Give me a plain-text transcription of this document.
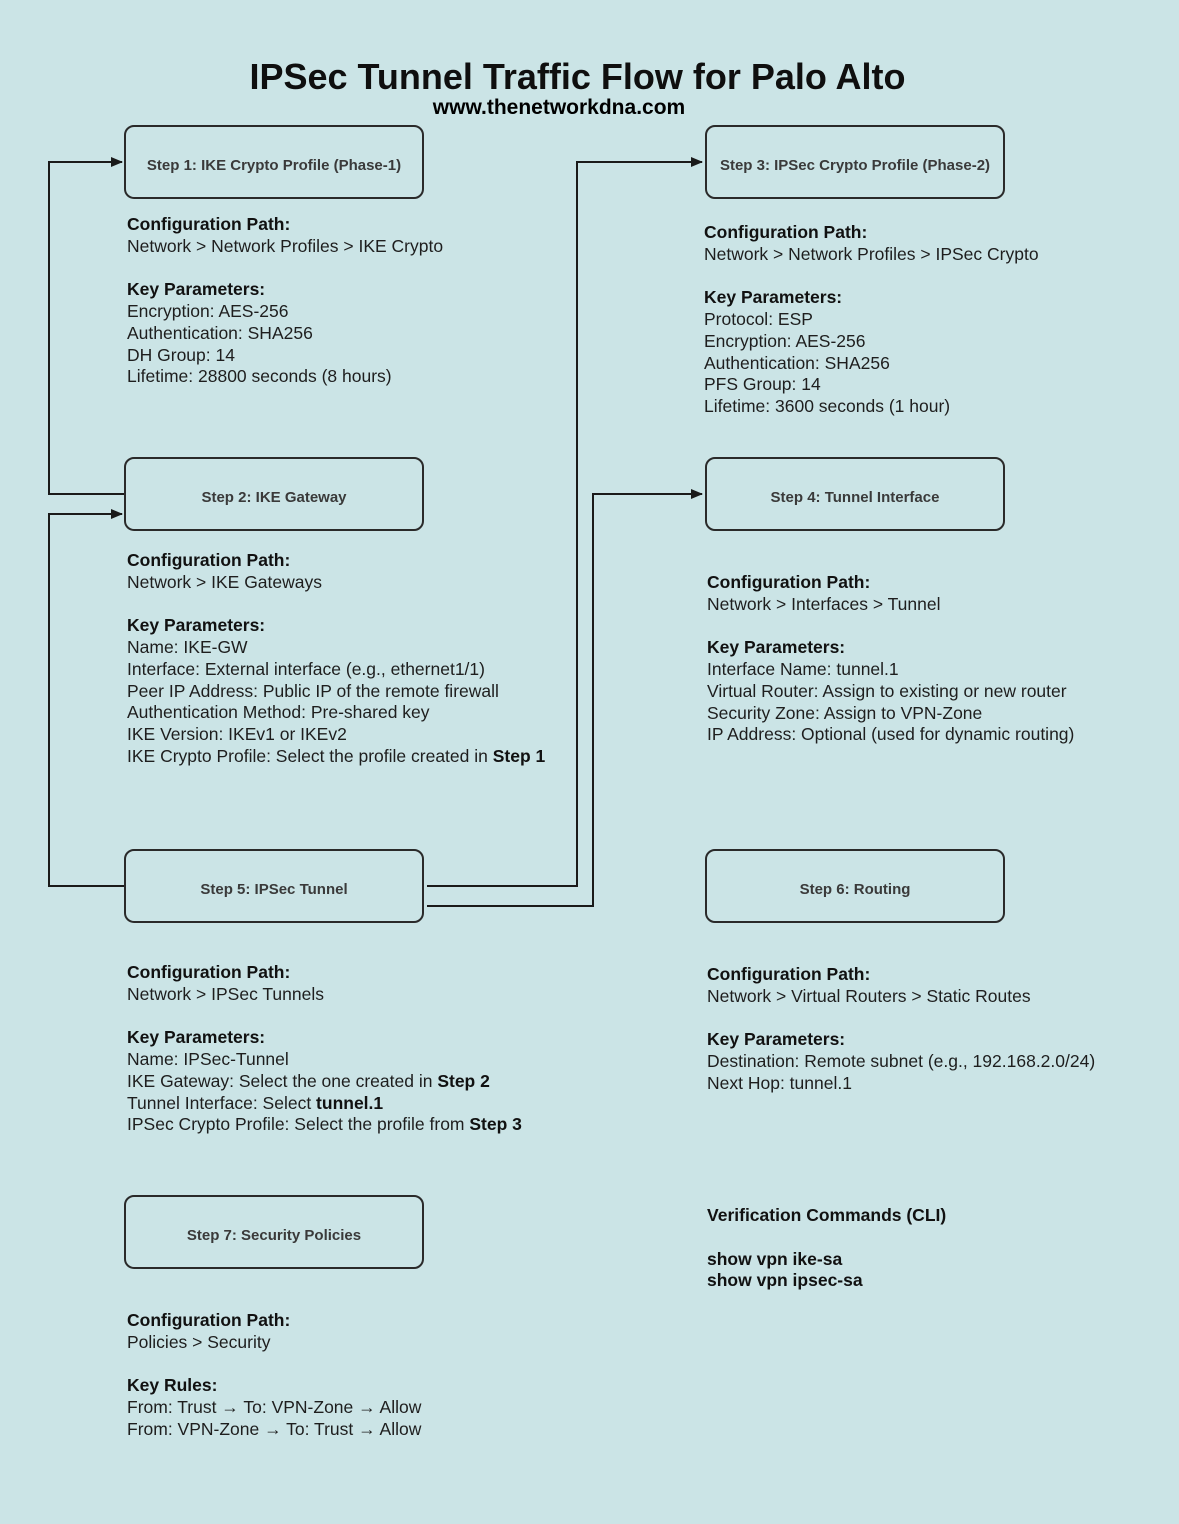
IPSec Tunnel Traffic Flow for Palo Alto
www.thenetworkdna.com
Step 1: IKE Crypto Profile (Phase-1)
Step 2: IKE Gateway
Step 3: IPSec Crypto Profile (Phase-2)
Step 4: Tunnel Interface
Step 5: IPSec Tunnel	Step 6: Routing
Step 7: Security Policies
Configuration Path:
Network > Network Profiles > IKE Crypto
Key Parameters:
Encryption: AES-256
Authentication: SHA256
DH Group: 14
Lifetime: 28800 seconds (8 hours)
Configuration Path:
Network > Network Profiles > IPSec Crypto
Key Parameters:
Protocol: ESP
Encryption: AES-256
Authentication: SHA256
PFS Group: 14
Lifetime: 3600 seconds (1 hour)
Configuration Path:
Network > IKE Gateways
Key Parameters:
Name: IKE-GW
Interface: External interface (e.g., ethernet1/1)
Peer IP Address: Public IP of the remote firewall
Authentication Method: Pre-shared key
IKE Version: IKEv1 or IKEv2
IKE Crypto Profile: Select the profile created in Step 1
Configuration Path:
Network > Interfaces > Tunnel
Key Parameters:
Interface Name: tunnel.1
Virtual Router: Assign to existing or new router
Security Zone: Assign to VPN-Zone
IP Address: Optional (used for dynamic routing)
Configuration Path:
Network > IPSec Tunnels
Key Parameters:
Name: IPSec-Tunnel
IKE Gateway: Select the one created in Step 2
Tunnel Interface: Select tunnel.1
IPSec Crypto Profile: Select the profile from Step 3
Configuration Path:
Network > Virtual Routers > Static Routes
Key Parameters:
Destination: Remote subnet (e.g., 192.168.2.0/24)
Next Hop: tunnel.1
Verification Commands (CLI)
show vpn ike-sa
show vpn ipsec-sa
Configuration Path:
Policies > Security
Key Rules:
From: Trust → To: VPN-Zone → Allow
From: VPN-Zone → To: Trust → Allow
